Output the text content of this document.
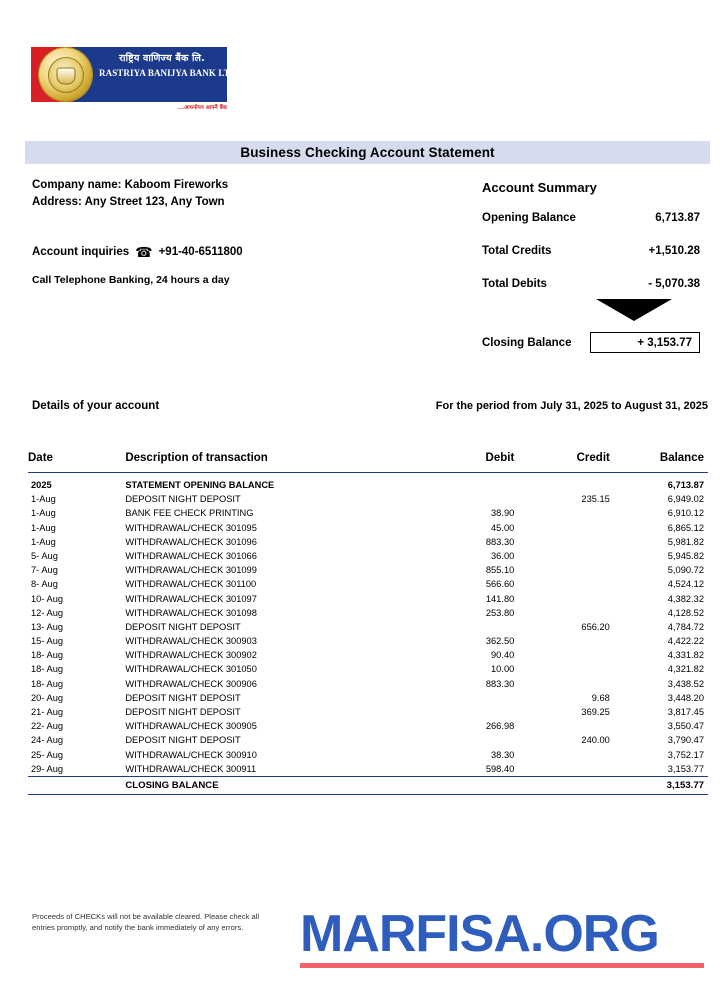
राष्ट्रिय वाणिज्य बैंक लि.
RASTRIYA BANIJYA BANK LTD.
...आफ्नोपन आफ्नै बैंक
Business Checking Account Statement
Company name: Kaboom Fireworks
Address: Any Street 123, Any Town
Account inquiries ☎ +91-40-6511800
Call Telephone Banking, 24 hours a day
Account Summary
Opening Balance	6,713.87
Total Credits	+1,510.28
Total Debits	- 5,070.38
Closing Balance	+ 3,153.77
Details of your account	For the period from July 31, 2025 to August 31, 2025
Date	Description of transaction	Debit	Credit	Balance
2025	STATEMENT OPENING BALANCE			6,713.87
1-Aug	DEPOSIT NIGHT DEPOSIT		235.15	6,949.02
1-Aug	BANK FEE CHECK PRINTING	38.90		6,910.12
1-Aug	WITHDRAWAL/CHECK 301095	45.00		6,865.12
1-Aug	WITHDRAWAL/CHECK 301096	883.30		5,981.82
5- Aug	WITHDRAWAL/CHECK 301066	36.00		5,945.82
7- Aug	WITHDRAWAL/CHECK 301099	855.10		5,090.72
8- Aug	WITHDRAWAL/CHECK 301100	566.60		4,524.12
10- Aug	WITHDRAWAL/CHECK 301097	141.80		4,382.32
12- Aug	WITHDRAWAL/CHECK 301098	253.80		4,128.52
13- Aug	DEPOSIT NIGHT DEPOSIT		656.20	4,784.72
15- Aug	WITHDRAWAL/CHECK 300903	362.50		4,422.22
18- Aug	WITHDRAWAL/CHECK 300902	90.40		4,331.82
18- Aug	WITHDRAWAL/CHECK 301050	10.00		4,321.82
18- Aug	WITHDRAWAL/CHECK 300906	883.30		3,438.52
20- Aug	DEPOSIT NIGHT DEPOSIT		9.68	3,448.20
21- Aug	DEPOSIT NIGHT DEPOSIT		369.25	3,817.45
22- Aug	WITHDRAWAL/CHECK 300905	266.98		3,550.47
24- Aug	DEPOSIT NIGHT DEPOSIT		240.00	3,790.47
25- Aug	WITHDRAWAL/CHECK 300910	38.30		3,752.17
29- Aug	WITHDRAWAL/CHECK 300911	598.40		3,153.77
	CLOSING BALANCE			3,153.77
Proceeds of CHECKs will not be available cleared. Please check all entries promptly, and notify the bank immediately of any errors.	MARFISA.ORG
